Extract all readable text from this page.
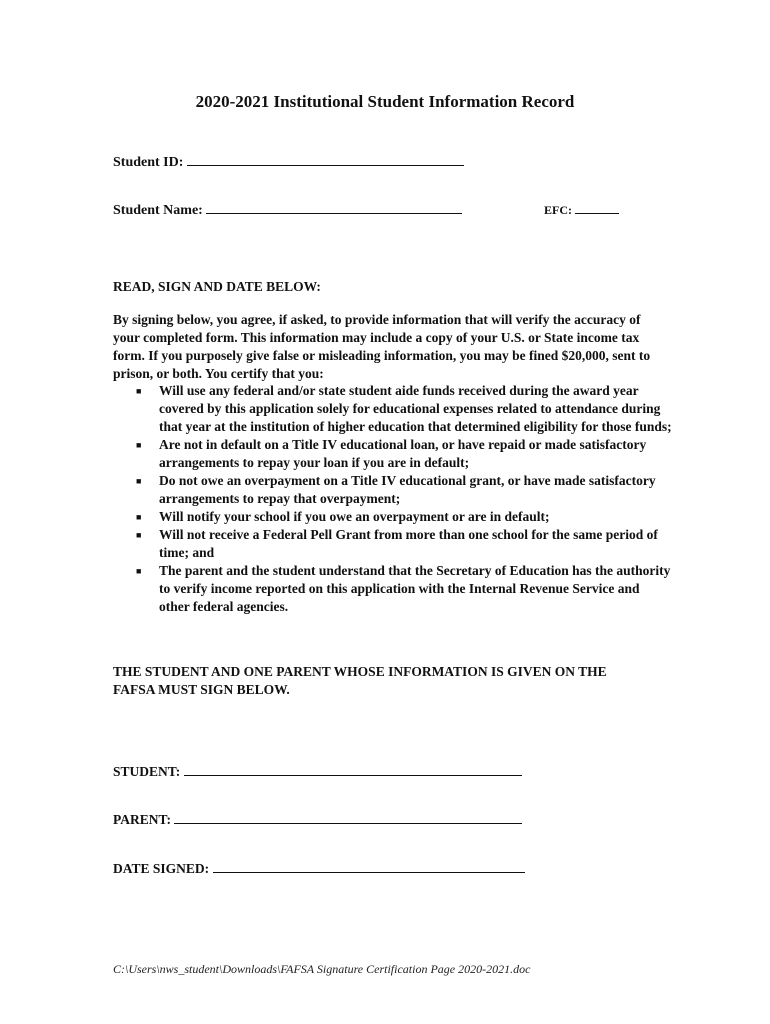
2020-2021 Institutional Student Information Record
Student ID:
Student Name:	EFC:
READ, SIGN AND DATE BELOW:
By signing below, you agree, if asked, to provide information that will verify the accuracy of your completed form. This information may include a copy of your U.S. or State income tax form. If you purposely give false or misleading information, you may be fined $20,000, sent to prison, or both. You certify that you:
■ Will use any federal and/or state student aide funds received during the award year covered by this application solely for educational expenses related to attendance during that year at the institution of higher education that determined eligibility for those funds;
■ Are not in default on a Title IV educational loan, or have repaid or made satisfactory arrangements to repay your loan if you are in default;
■ Do not owe an overpayment on a Title IV educational grant, or have made satisfactory arrangements to repay that overpayment;
■ Will notify your school if you owe an overpayment or are in default;
■ Will not receive a Federal Pell Grant from more than one school for the same period of time; and
■ The parent and the student understand that the Secretary of Education has the authority to verify income reported on this application with the Internal Revenue Service and other federal agencies.
THE STUDENT AND ONE PARENT WHOSE INFORMATION IS GIVEN ON THE FAFSA MUST SIGN BELOW.
STUDENT:
PARENT:
DATE SIGNED:
C:\Users\nws_student\Downloads\FAFSA Signature Certification Page 2020-2021.doc
